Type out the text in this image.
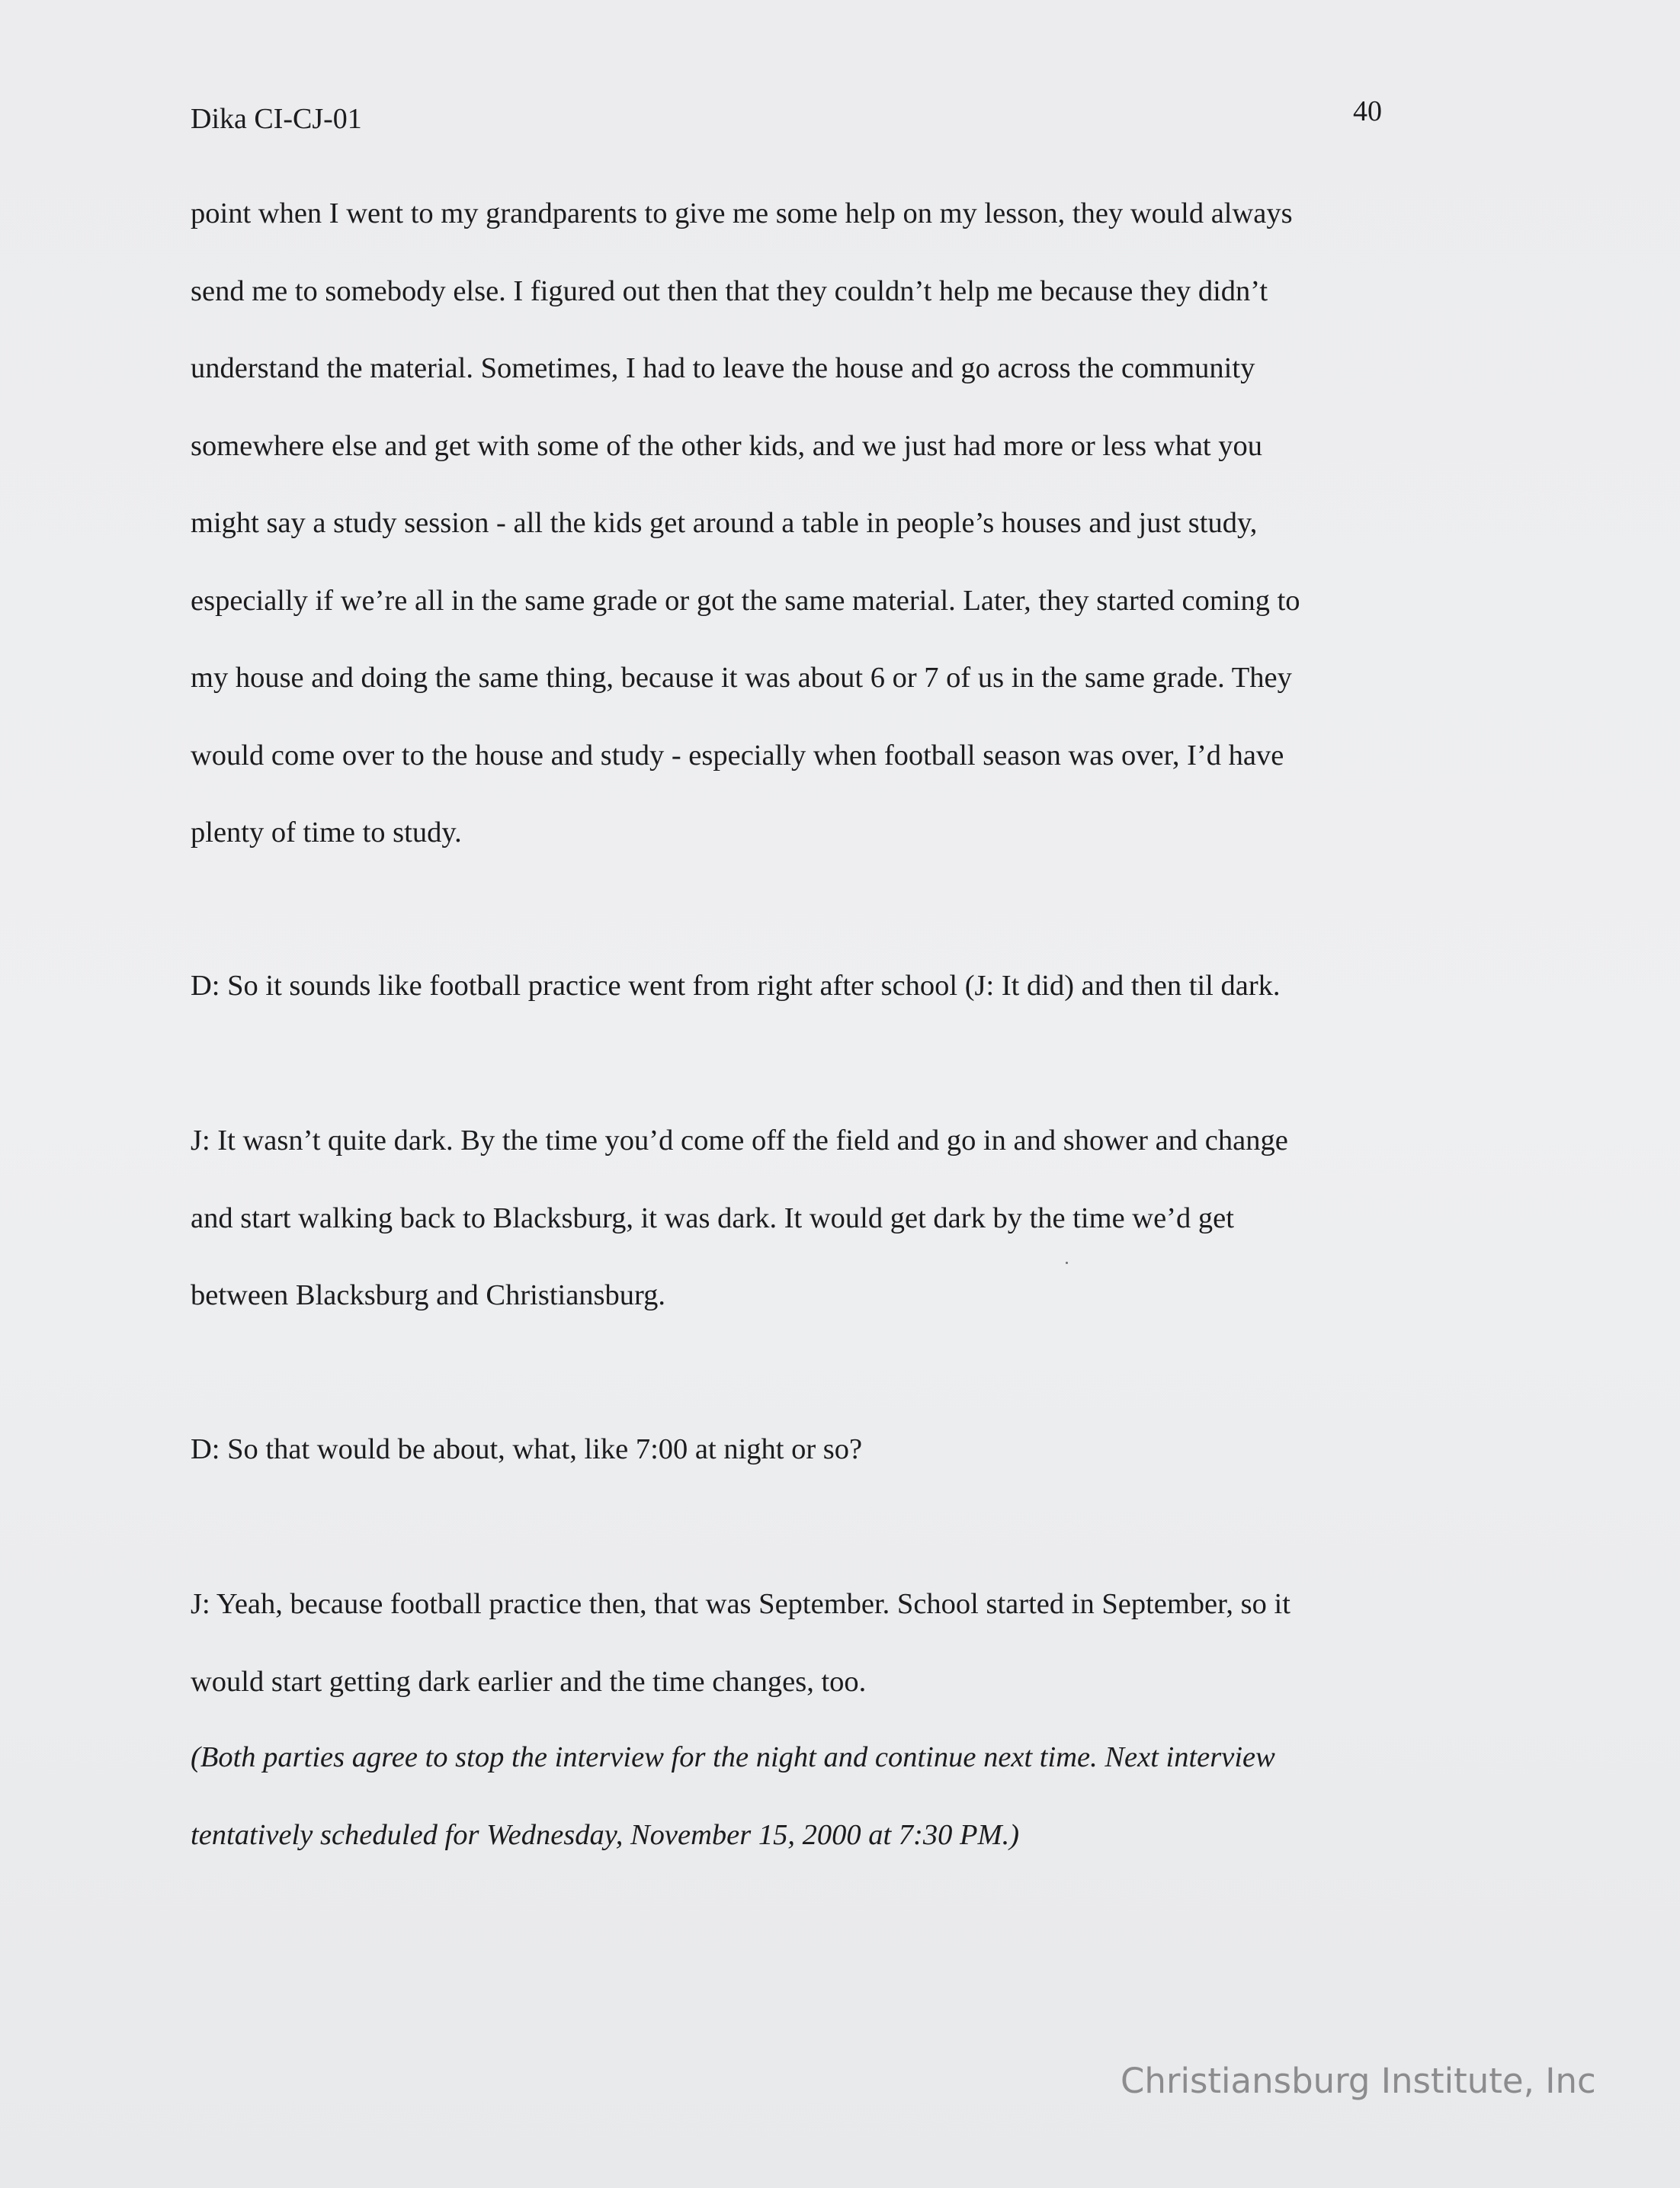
Dika CI-CJ-01	40
point when I went to my grandparents to give me some help on my lesson, they would always
send me to somebody else. I figured out then that they couldn’t help me because they didn’t
understand the material. Sometimes, I had to leave the house and go across the community
somewhere else and get with some of the other kids, and we just had more or less what you
might say a study session - all the kids get around a table in people’s houses and just study,
especially if we’re all in the same grade or got the same material. Later, they started coming to
my house and doing the same thing, because it was about 6 or 7 of us in the same grade. They
would come over to the house and study - especially when football season was over, I’d have
plenty of time to study.
D: So it sounds like football practice went from right after school (J: It did) and then til dark.
J: It wasn’t quite dark. By the time you’d come off the field and go in and shower and change
and start walking back to Blacksburg, it was dark. It would get dark by the time we’d get
between Blacksburg and Christiansburg.
D: So that would be about, what, like 7:00 at night or so?
J: Yeah, because football practice then, that was September. School started in September, so it
would start getting dark earlier and the time changes, too.
(Both parties agree to stop the interview for the night and continue next time. Next interview
tentatively scheduled for Wednesday, November 15, 2000 at 7:30 PM.)
Christiansburg Institute, Inc
